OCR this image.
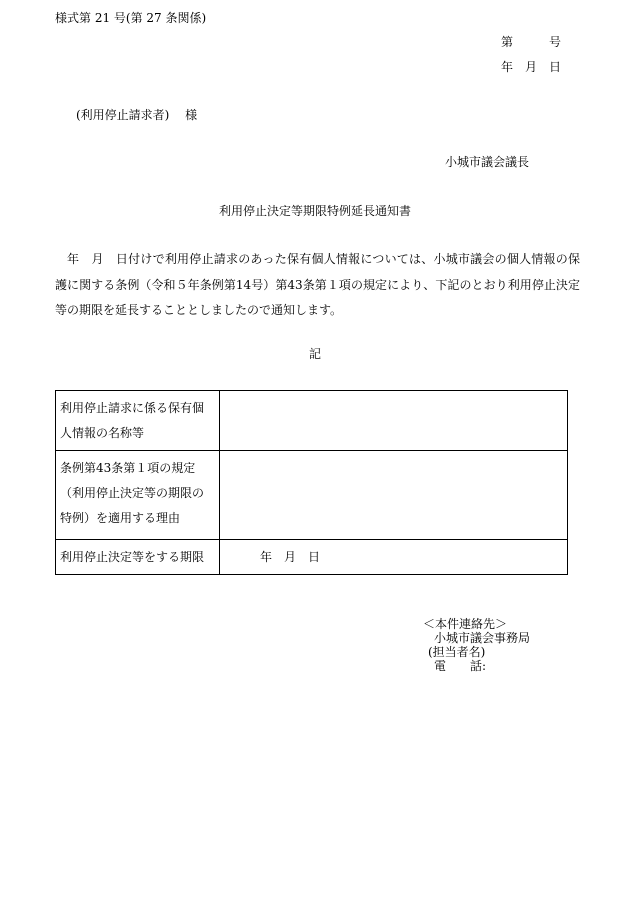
様式第 21 号(第 27 条関係)
第　　　号
年　月　日
(利用停止請求者)　 様
小城市議会議長
利用停止決定等期限特例延長通知書

年　月　日付けで利用停止請求のあった保有個人情報については、小城市議会の個人情報の保護に関する条例（令和５年条例第14号）第43条第１項の規定により、下記のとおり利用停止決定等の期限を延長することとしましたので通知します。

記
利用停止請求に係る保有個人情報の名称等	
条例第43条第１項の規定（利用停止決定等の期限の特例）を適用する理由	
利用停止決定等をする期限	年　月　日
＜本件連絡先＞
小城市議会事務局
(担当者名)
電　　話:
